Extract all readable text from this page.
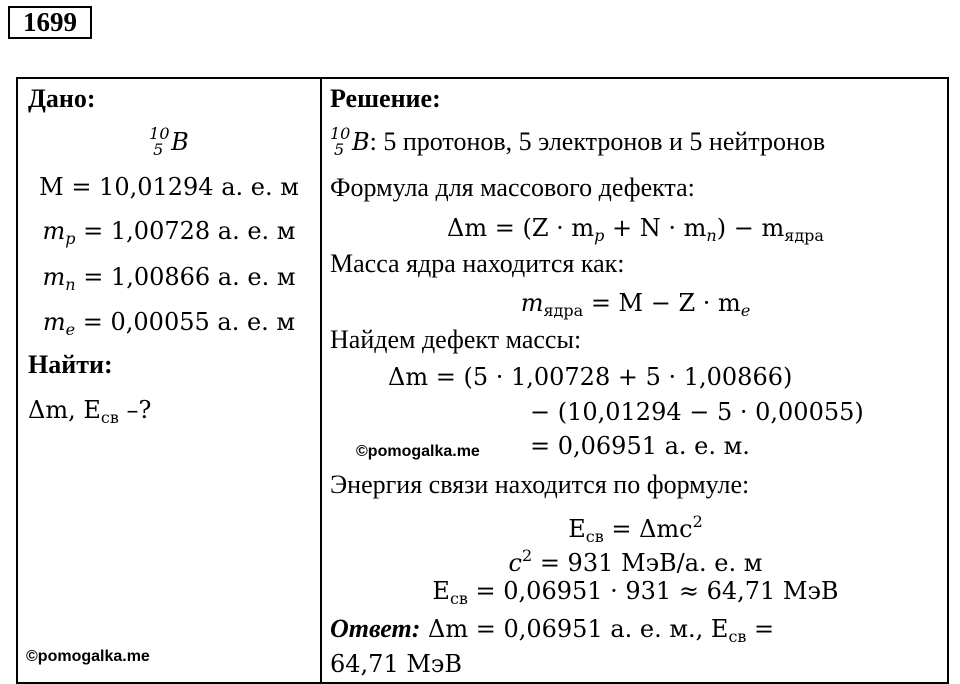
1699
Дано:
10
5 B
M = 10,01294 а. е. м
$m_p = 1,00728$ а. е. м
$m_n = 1,00866$ а. е. м
$m_e = 0,00055$ а. е. м
Найти:
Δm, $E_{св}$ –?
©pomogalka.me
Решение:
10
5 B: 5 протонов, 5 электронов и 5 нейтронов
Формула для массового дефекта:
$\Delta m = (Z \cdot m_p + N \cdot m_n) - m_{ядра}$
Масса ядра находится как:
$m_{ядра} = M - Z \cdot m_e$
Найдем дефект массы:
Δm = (5 · 1,00728 + 5 · 1,00866)
− (10,01294 − 5 · 0,00055)
= 0,06951 а. е. м.
Энергия связи находится по формуле:
$E_{св} = \Delta mc^2$
$c^2 = 931$ МэВ/а. е. м
$E_{св} = 0,06951 \cdot 931 \approx 64,71$ МэВ
Ответ: Δm = 0,06951 а. е. м., $E_{св}$ =
64,71 МэВ
©pomogalka.me
